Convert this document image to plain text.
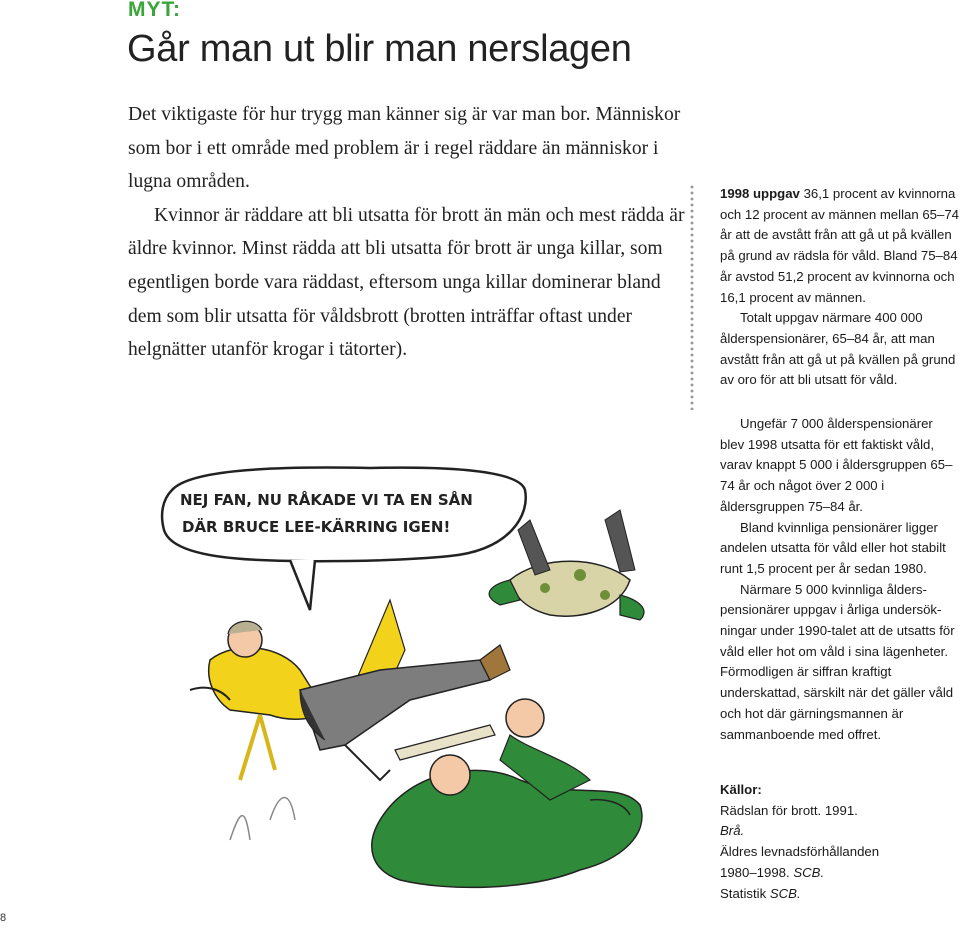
MYT:
Går man ut blir man nerslagen

Det viktigaste för hur trygg man känner sig är var man bor. Människor som bor i ett område med problem är i regel räddare än människor i lugna områden.

Kvinnor är räddare att bli utsatta för brott än män och mest rädda är äldre kvinnor. Minst rädda att bli utsatta för brott är unga killar, som egentligen borde vara räddast, eftersom unga killar dominerar bland dem som blir utsatta för våldsbrott (brotten inträffar oftast under helgnätter utanför krogar i tätorter).

1998 uppgav 36,1 procent av kvinnorna och 12 procent av männen mellan 65–74 år att de avstått från att gå ut på kvällen på grund av rädsla för våld. Bland 75–84 år avstod 51,2 procent av kvinnorna och 16,1 procent av männen.

Totalt uppgav närmare 400 000 ålderspensionärer, 65–84 år, att man avstått från att gå ut på kvällen på grund av oro för att bli utsatt för våld.

Ungefär 7 000 ålderspensionärer blev 1998 utsatta för ett faktiskt våld, varav knappt 5 000 i åldersgruppen 65–74 år och något över 2 000 i åldersgruppen 75–84 år.

Bland kvinnliga pensionärer ligger andelen utsatta för våld eller hot stabilt runt 1,5 procent per år sedan 1980.

Närmare 5 000 kvinnliga ålderspensionärer uppgav i årliga undersökningar under 1990-talet att de utsatts för våld eller hot om våld i sina lägenheter. Förmodligen är siffran kraftigt underskattad, särskilt när det gäller våld och hot där gärningsmannen är sammanboende med offret.

Källor:
Rädslan för brott. 1991.
Brå.
Äldres levnadsförhållanden
1980–1998. SCB.
Statistik SCB.
8
NEJ FAN, NU RÅKADE VI TA EN SÅN
DÄR BRUCE LEE-KÄRRING IGEN!
